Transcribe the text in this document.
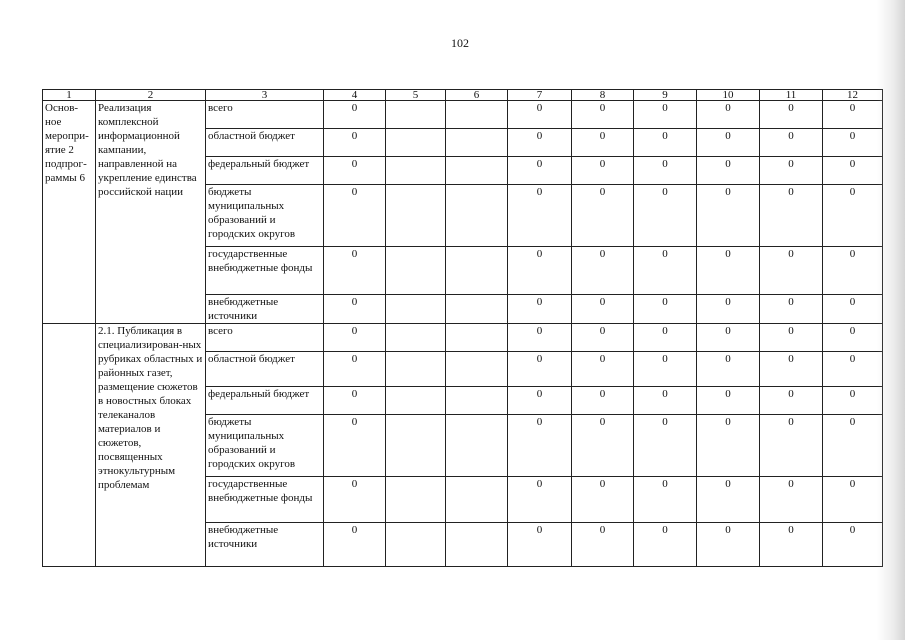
102
1	2	3	4	5	6	7	8	9	10	11	12
Основ-ное меропри-ятие 2 подпрог-раммы 6	Реализация комплексной информационной кампании, направленной на укрепление единства российской нации	всего	0			0	0	0	0	0	0
		областной бюджет	0			0	0	0	0	0	0
		федеральный бюджет	0			0	0	0	0	0	0
		бюджеты муниципальных образований и городских округов	0			0	0	0	0	0	0
		государственные внебюджетные фонды	0			0	0	0	0	0	0
		внебюджетные источники	0			0	0	0	0	0	0
	2.1. Публикация в специализирован-ных рубриках областных и районных газет, размещение сюжетов в новостных блоках телеканалов материалов и сюжетов, посвященных этнокультурным проблемам	всего	0			0	0	0	0	0	0
		областной бюджет	0			0	0	0	0	0	0
		федеральный бюджет	0			0	0	0	0	0	0
		бюджеты муниципальных образований и городских округов	0			0	0	0	0	0	0
		государственные внебюджетные фонды	0			0	0	0	0	0	0
		внебюджетные источники	0			0	0	0	0	0	0
